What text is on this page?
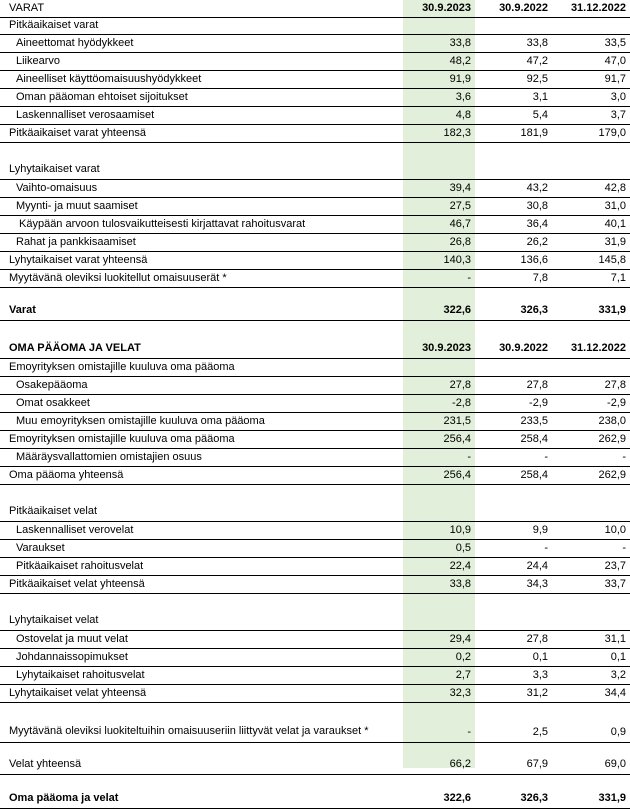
VARAT	30.9.2023	30.9.2022	31.12.2022
Pitkäaikaiset varat			
Aineettomat hyödykkeet	33,8	33,8	33,5
Liikearvo	48,2	47,2	47,0
Aineelliset käyttöomaisuushyödykkeet	91,9	92,5	91,7
Oman pääoman ehtoiset sijoitukset	3,6	3,1	3,0
Laskennalliset verosaamiset	4,8	5,4	3,7
Pitkäaikaiset varat yhteensä	182,3	181,9	179,0

Lyhytaikaiset varat			
Vaihto-omaisuus	39,4	43,2	42,8
Myynti- ja muut saamiset	27,5	30,8	31,0
Käypään arvoon tulosvaikutteisesti kirjattavat rahoitusvarat	46,7	36,4	40,1
Rahat ja pankkisaamiset	26,8	26,2	31,9
Lyhytaikaiset varat yhteensä	140,3	136,6	145,8
Myytävänä oleviksi luokitellut omaisuuserät *	-	7,8	7,1

Varat	322,6	326,3	331,9

OMA PÄÄOMA JA VELAT	30.9.2023	30.9.2022	31.12.2022
Emoyrityksen omistajille kuuluva oma pääoma			
Osakepääoma	27,8	27,8	27,8
Omat osakkeet	-2,8	-2,9	-2,9
Muu emoyrityksen omistajille kuuluva oma pääoma	231,5	233,5	238,0
Emoyrityksen omistajille kuuluva oma pääoma	256,4	258,4	262,9
Määräysvallattomien omistajien osuus	-	-	-
Oma pääoma yhteensä	256,4	258,4	262,9

Pitkäaikaiset velat			
Laskennalliset verovelat	10,9	9,9	10,0
Varaukset	0,5	-	-
Pitkäaikaiset rahoitusvelat	22,4	24,4	23,7
Pitkäaikaiset velat yhteensä	33,8	34,3	33,7

Lyhytaikaiset velat			
Ostovelat ja muut velat	29,4	27,8	31,1
Johdannaissopimukset	0,2	0,1	0,1
Lyhytaikaiset rahoitusvelat	2,7	3,3	3,2
Lyhytaikaiset velat yhteensä	32,3	31,2	34,4
Myytävänä oleviksi luokiteltuihin omaisuuseriin liittyvät velat ja varaukset *	-	2,5	0,9

Velat yhteensä	66,2	67,9	69,0

Oma pääoma ja velat	322,6	326,3	331,9
